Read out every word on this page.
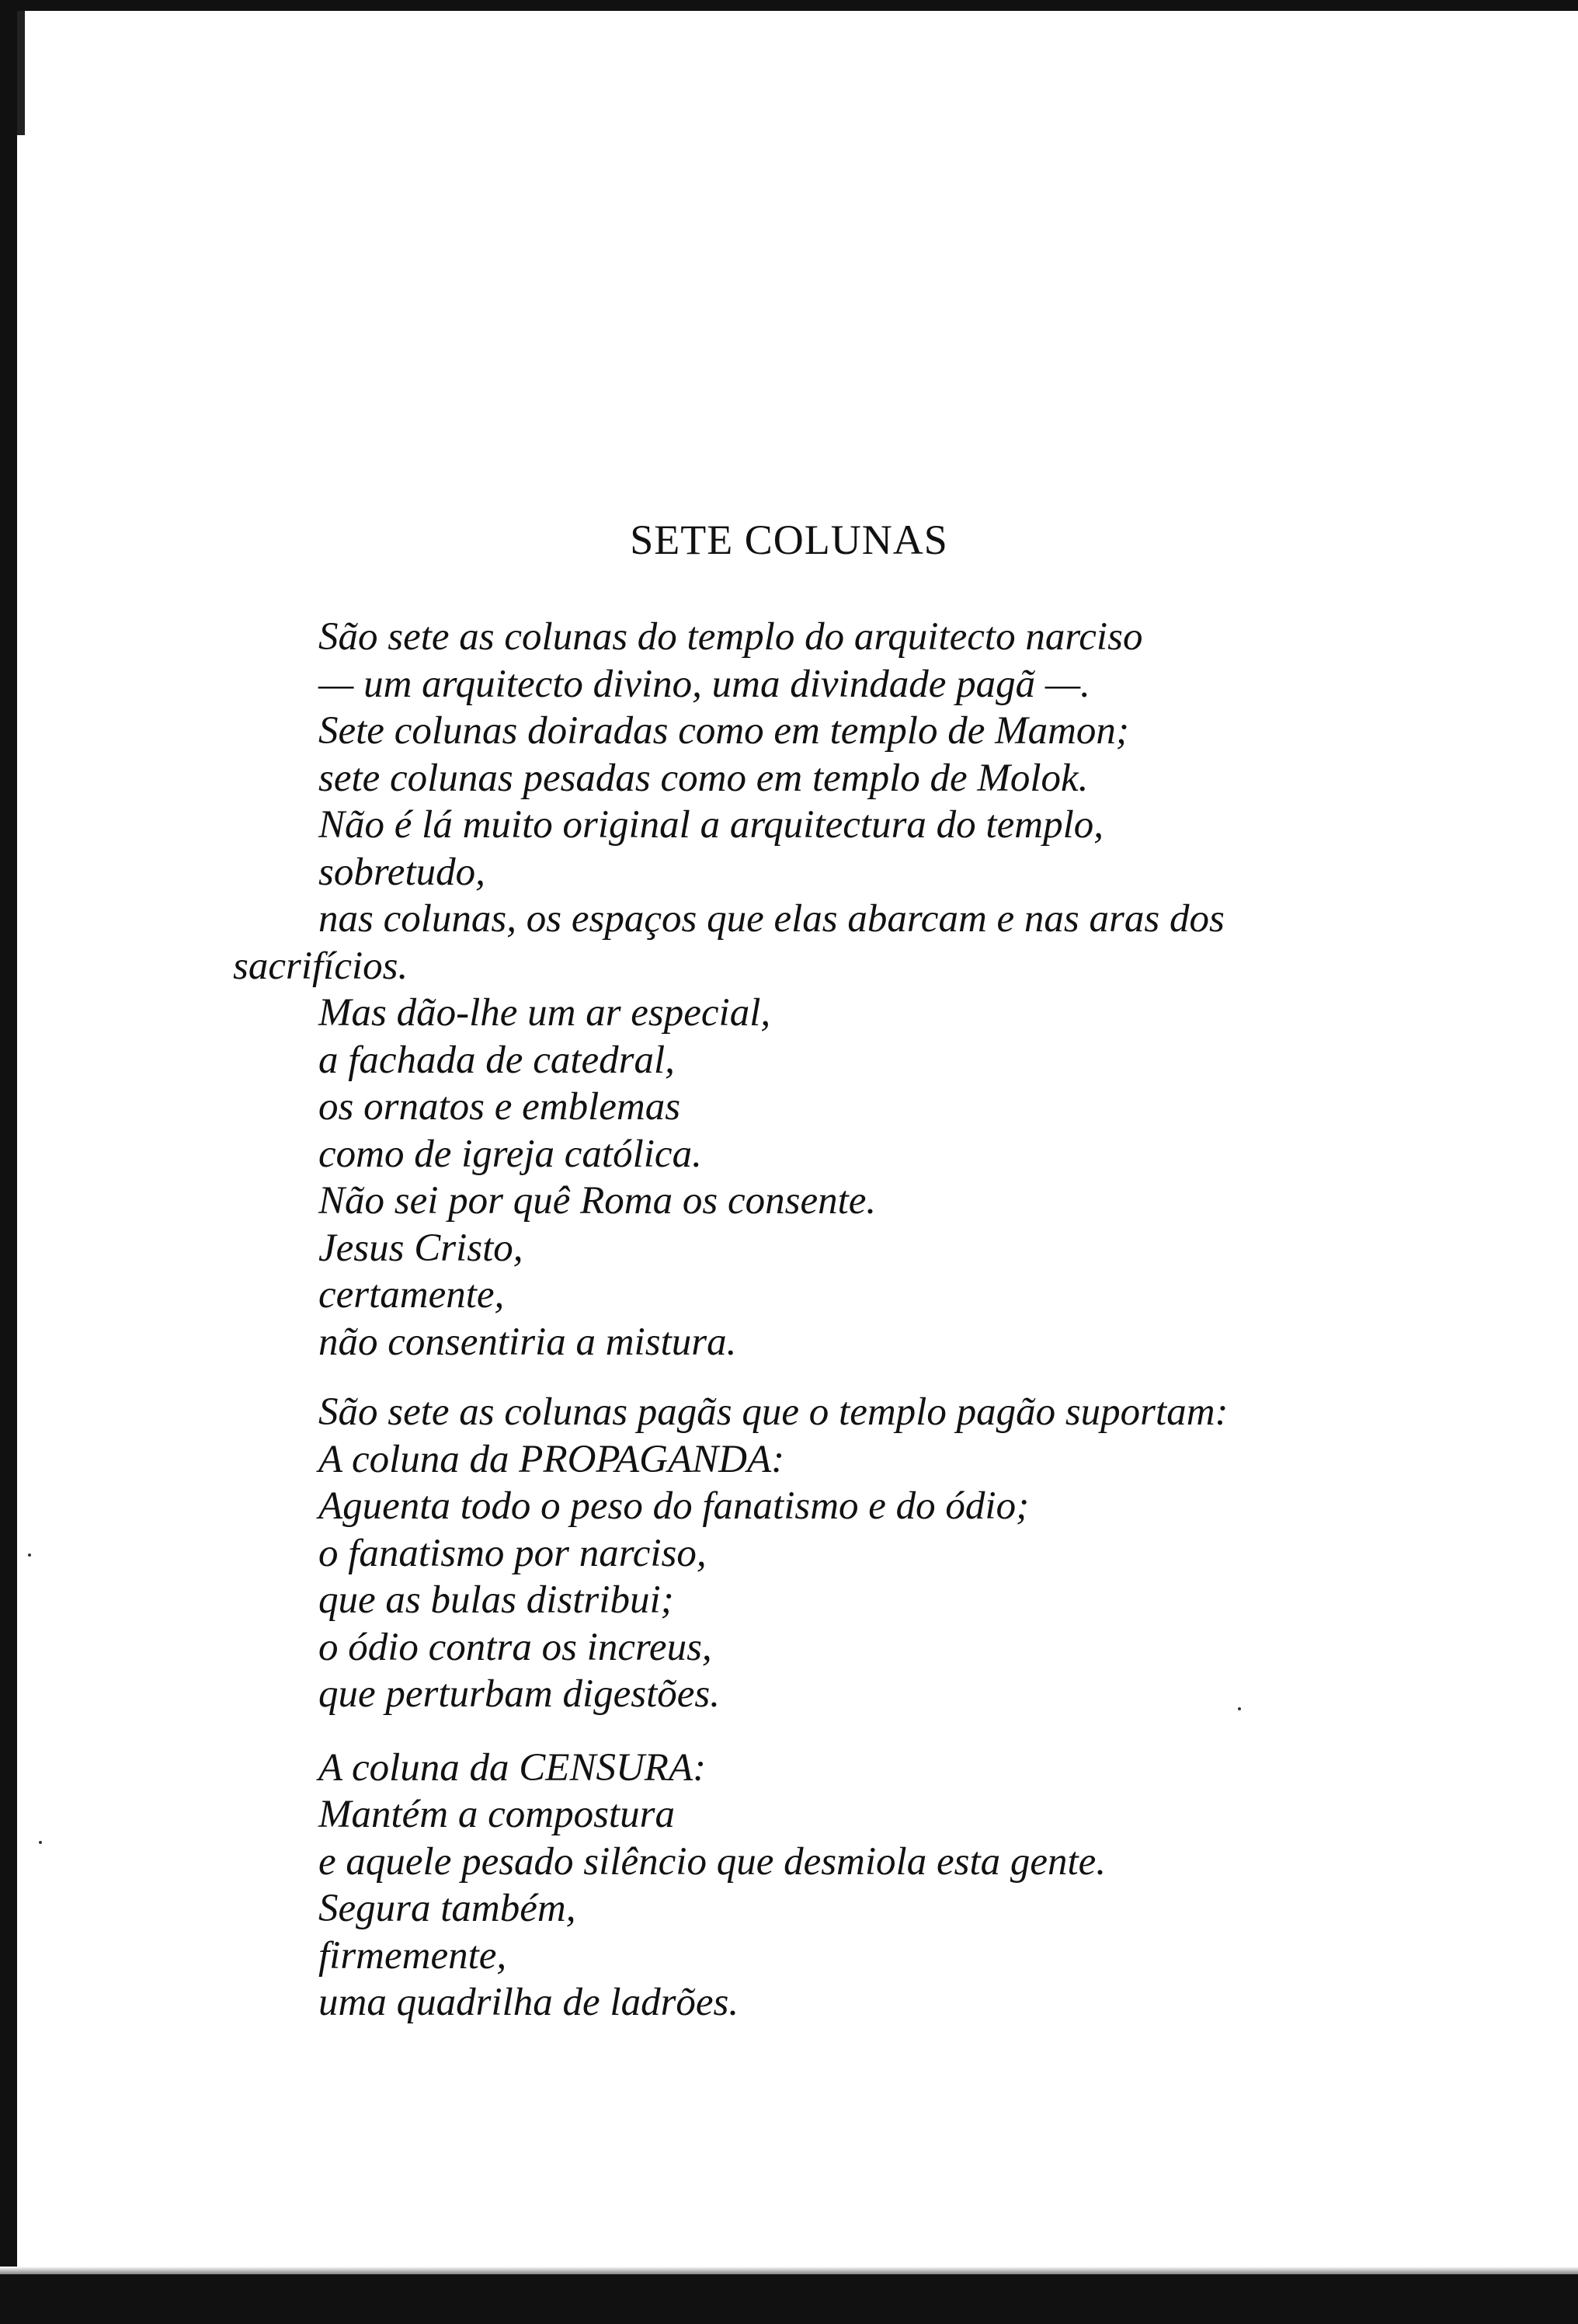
SETE COLUNAS
São sete as colunas do templo do arquitecto narciso
— um arquitecto divino, uma divindade pagã —.
Sete colunas doiradas como em templo de Mamon;
sete colunas pesadas como em templo de Molok.
Não é lá muito original a arquitectura do templo,
sobretudo,
nas colunas, os espaços que elas abarcam e nas aras dos
sacrifícios.
Mas dão-lhe um ar especial,
a fachada de catedral,
os ornatos e emblemas
como de igreja católica.
Não sei por quê Roma os consente.
Jesus Cristo,
certamente,
não consentiria a mistura.
São sete as colunas pagãs que o templo pagão suportam:
A coluna da PROPAGANDA:
Aguenta todo o peso do fanatismo e do ódio;
o fanatismo por narciso,
que as bulas distribui;
o ódio contra os increus,
que perturbam digestões.
A coluna da CENSURA:
Mantém a compostura
e aquele pesado silêncio que desmiola esta gente.
Segura também,
firmemente,
uma quadrilha de ladrões.
